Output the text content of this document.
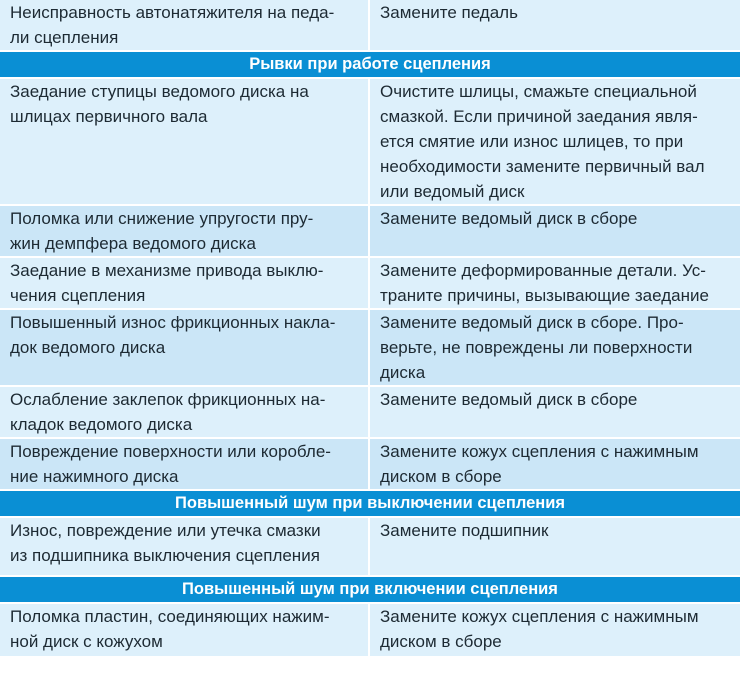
Неисправность автонатяжителя на педа-
ли сцепления	Замените педаль

Рывки при работе сцепления	

Заедание ступицы ведомого диска на
шлицах первичного вала	Очистите шлицы, смажьте специальной
смазкой. Если причиной заедания явля-
ется смятие или износ шлицев, то при
необходимости замените первичный вал
или ведомый диск

Поломка или снижение упругости пру-
жин демпфера ведомого диска	Замените ведомый диск в сборе

Заедание в механизме привода выклю-
чения сцепления	Замените деформированные детали. Ус-
траните причины, вызывающие заедание

Повышенный износ фрикционных накла-
док ведомого диска	Замените ведомый диск в сборе. Про-
верьте, не повреждены ли поверхности
диска

Ослабление заклепок фрикционных на-
кладок ведомого диска	Замените ведомый диск в сборе

Повреждение поверхности или коробле-
ние нажимного диска	Замените кожух сцепления с нажимным
диском в сборе

Повышенный шум при выключении сцепления	

Износ, повреждение или утечка смазки
из подшипника выключения сцепления	Замените подшипник

Повышенный шум при включении сцепления	

Поломка пластин, соединяющих нажим-
ной диск с кожухом	Замените кожух сцепления с нажимным
диском в сборе
